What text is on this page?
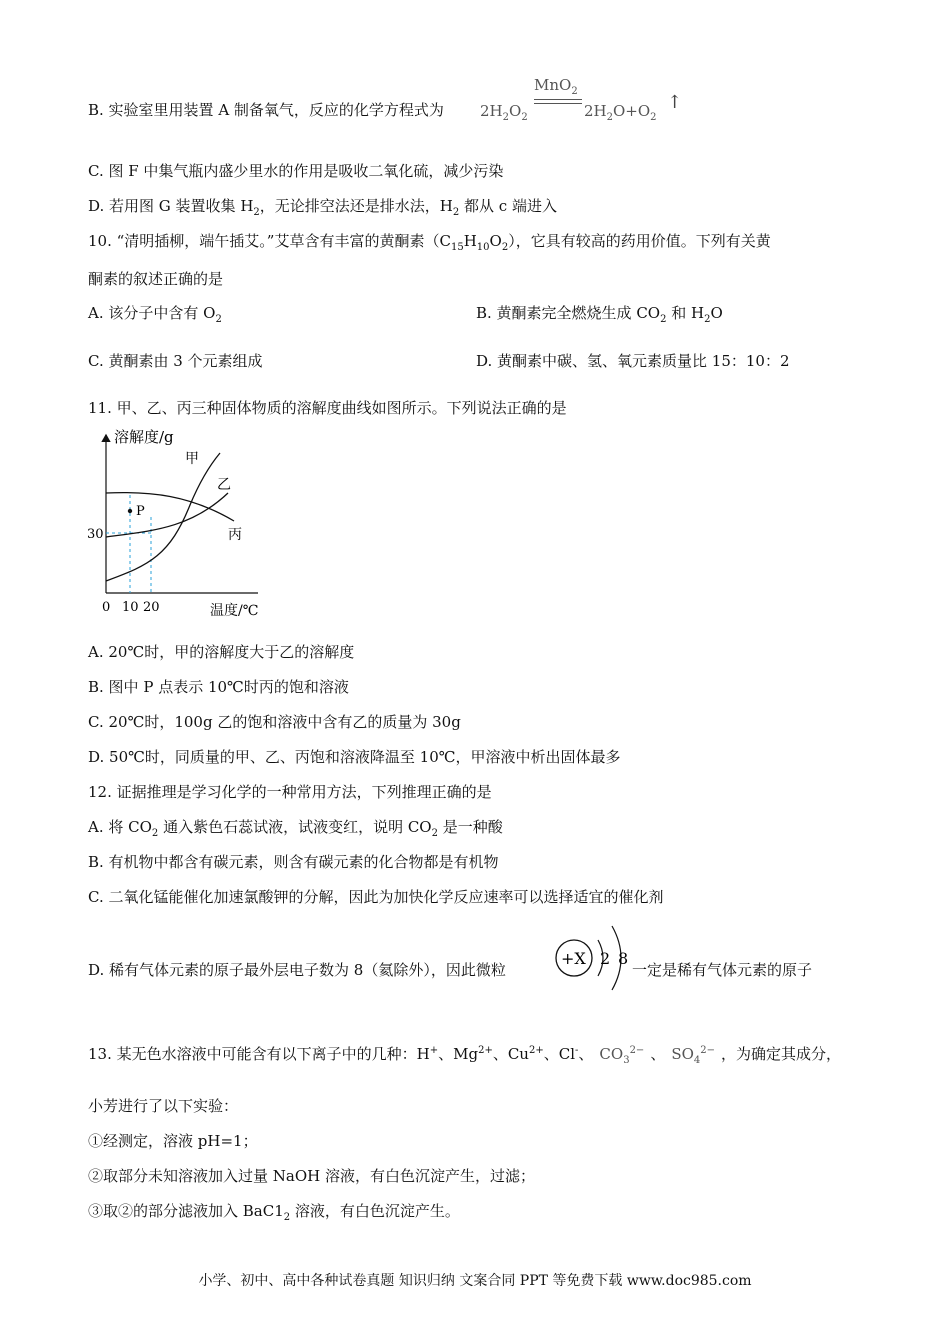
B. 实验室里用装置 A 制备氧气，反应的化学方程式为 $2H_2O_2$
MnO$_2$
$2H_2O+O_2$
↑
C. 图 F 中集气瓶内盛少里水的作用是吸收二氧化硫，减少污染
D. 若用图 G 装置收集 $H_2$，无论排空法还是排水法，$H_2$ 都从 c 端进入
10. “清明插柳，端午插艾。”艾草含有丰富的黄酮素$(C_{15}H_{10}O_2)$，它具有较高的药用价值。下列有关黄
酮素的叙述正确的是
A. 该分子中含有 $O_2$	B. 黄酮素完全燃烧生成 $CO_2$ 和 $H_2O$
C. 黄酮素由 3 个元素组成	D. 黄酮素中碳、氢、氧元素质量比 15：10：2
11. 甲、乙、丙三种固体物质的溶解度曲线如图所示。下列说法正确的是
溶解度/g
甲
乙
丙
P
30
0 10 20	温度/℃
A. 20℃时，甲的溶解度大于乙的溶解度
B. 图中 P 点表示 10℃时丙的饱和溶液
C. 20℃时，100g 乙的饱和溶液中含有乙的质量为 30g
D. 50℃时，同质量的甲、乙、丙饱和溶液降温至 10℃，甲溶液中析出固体最多
12. 证据推理是学习化学的一种常用方法，下列推理正确的是
A. 将 $CO_2$ 通入紫色石蕊试液，试液变红，说明 $CO_2$ 是一种酸
B. 有机物中都含有碳元素，则含有碳元素的化合物都是有机物
C. 二氧化锰能催化加速氯酸钾的分解，因此为加快化学反应速率可以选择适宜的催化剂
D. 稀有气体元素的原子最外层电子数为 8（氦除外），因此微粒
+X 2 8
一定是稀有气体元素的原子
13. 某无色水溶液中可能含有以下离子中的几种：H+、$Mg^{2+}$、$Cu^{2+}$、Cl-、 $CO_3^{2-}$ 、 $SO_4^{2-}$ ，为确定其成分，
小芳进行了以下实验：
①经测定，溶液 pH=1；
②取部分未知溶液加入过量 NaOH 溶液，有白色沉淀产生，过滤；
③取②的部分滤液加入 $BaC1_2$ 溶液，有白色沉淀产生。
小学、初中、高中各种试卷真题 知识归纳 文案合同 PPT 等免费下载 www.doc985.com
